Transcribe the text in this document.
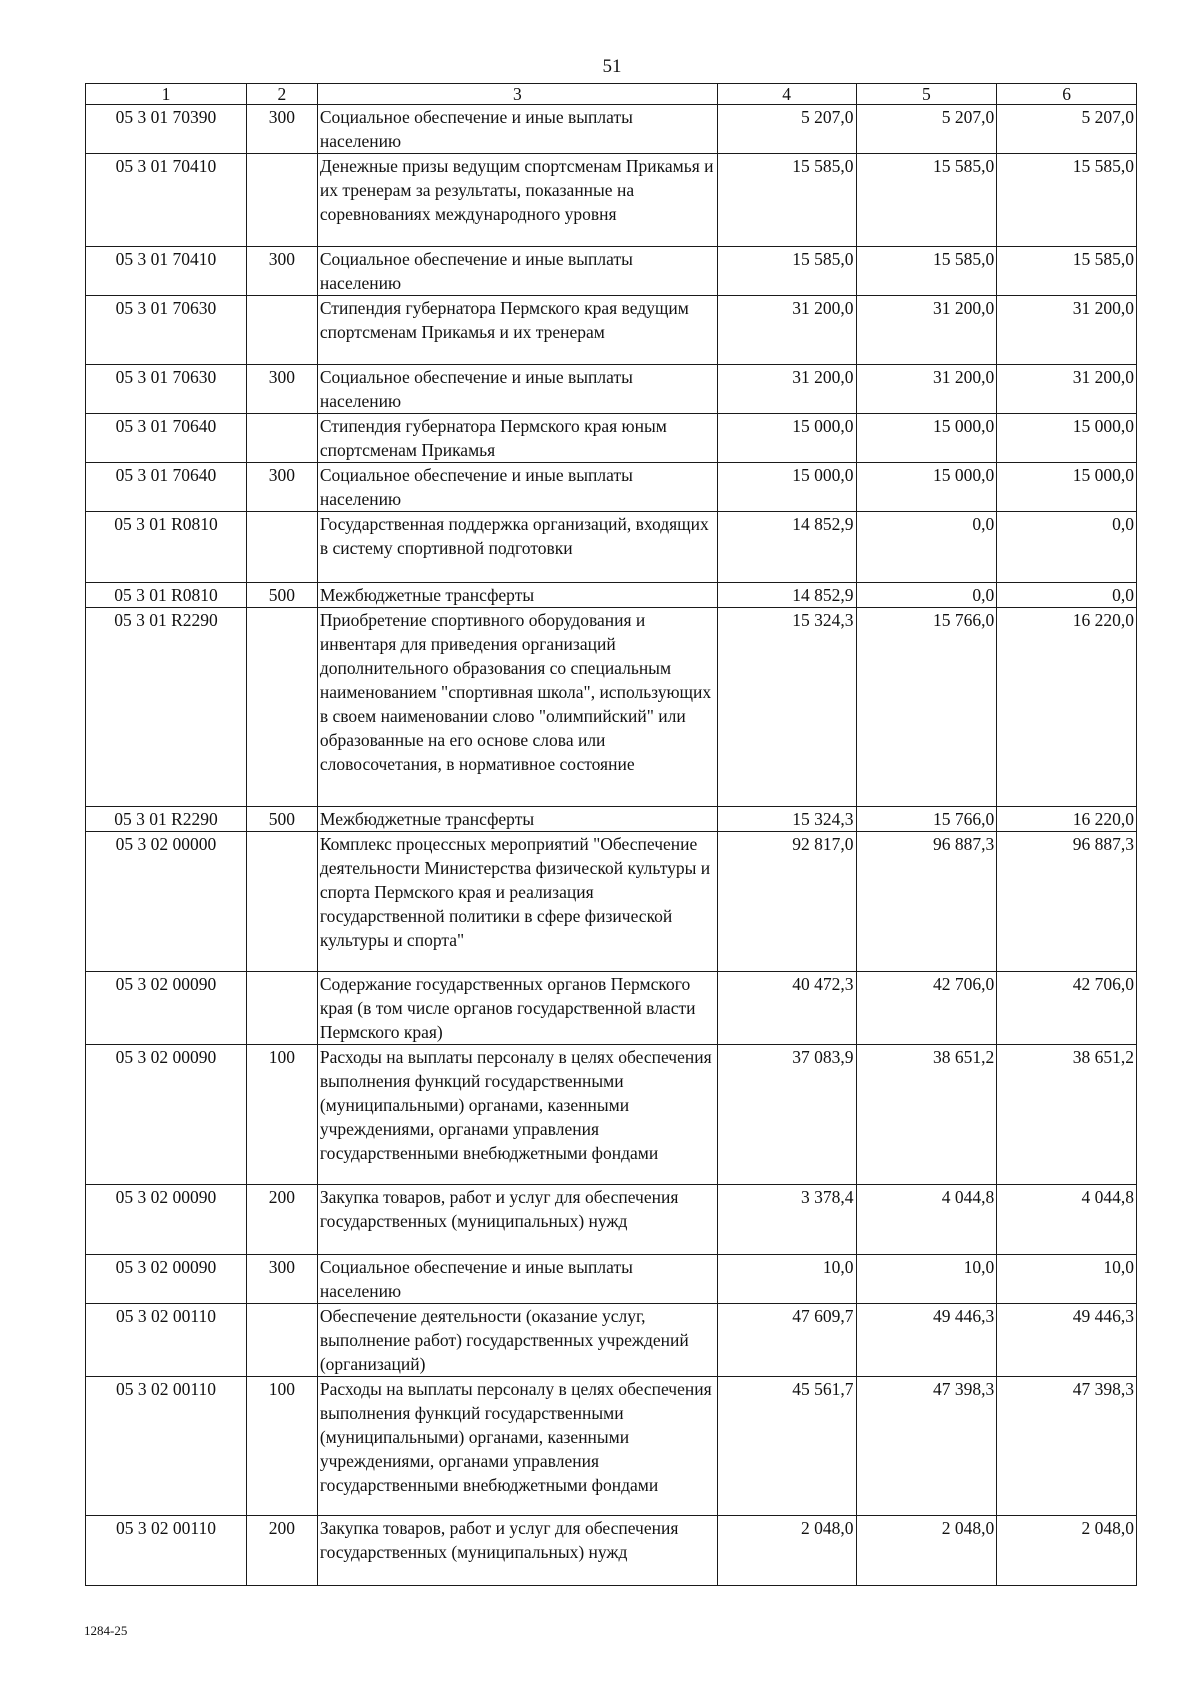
51
1	2	3	4	5	6
05 3 01 70390	300	Социальное обеспечение и иные выплаты населению	5 207,0	5 207,0	5 207,0
05 3 01 70410		Денежные призы ведущим спортсменам Прикамья и их тренерам за результаты, показанные на соревнованиях международного уровня	15 585,0	15 585,0	15 585,0
05 3 01 70410	300	Социальное обеспечение и иные выплаты населению	15 585,0	15 585,0	15 585,0
05 3 01 70630		Стипендия губернатора Пермского края ведущим спортсменам Прикамья и их тренерам	31 200,0	31 200,0	31 200,0
05 3 01 70630	300	Социальное обеспечение и иные выплаты населению	31 200,0	31 200,0	31 200,0
05 3 01 70640		Стипендия губернатора Пермского края юным спортсменам Прикамья	15 000,0	15 000,0	15 000,0
05 3 01 70640	300	Социальное обеспечение и иные выплаты населению	15 000,0	15 000,0	15 000,0
05 3 01 R0810		Государственная поддержка организаций, входящих в систему спортивной подготовки	14 852,9	0,0	0,0
05 3 01 R0810	500	Межбюджетные трансферты	14 852,9	0,0	0,0
05 3 01 R2290		Приобретение спортивного оборудования и инвентаря для приведения организаций дополнительного образования со специальным наименованием "спортивная школа", использующих в своем наименовании слово "олимпийский" или образованные на его основе слова или словосочетания, в нормативное состояние	15 324,3	15 766,0	16 220,0
05 3 01 R2290	500	Межбюджетные трансферты	15 324,3	15 766,0	16 220,0
05 3 02 00000		Комплекс процессных мероприятий "Обеспечение деятельности Министерства физической культуры и спорта Пермского края и реализация государственной политики в сфере физической культуры и спорта"	92 817,0	96 887,3	96 887,3
05 3 02 00090		Содержание государственных органов Пермского края (в том числе органов государственной власти Пермского края)	40 472,3	42 706,0	42 706,0
05 3 02 00090	100	Расходы на выплаты персоналу в целях обеспечения выполнения функций государственными (муниципальными) органами, казенными учреждениями, органами управления государственными внебюджетными фондами	37 083,9	38 651,2	38 651,2
05 3 02 00090	200	Закупка товаров, работ и услуг для обеспечения государственных (муниципальных) нужд	3 378,4	4 044,8	4 044,8
05 3 02 00090	300	Социальное обеспечение и иные выплаты населению	10,0	10,0	10,0
05 3 02 00110		Обеспечение деятельности (оказание услуг, выполнение работ) государственных учреждений (организаций)	47 609,7	49 446,3	49 446,3
05 3 02 00110	100	Расходы на выплаты персоналу в целях обеспечения выполнения функций государственными (муниципальными) органами, казенными учреждениями, органами управления государственными внебюджетными фондами	45 561,7	47 398,3	47 398,3
05 3 02 00110	200	Закупка товаров, работ и услуг для обеспечения государственных (муниципальных) нужд	2 048,0	2 048,0	2 048,0
1284-25
